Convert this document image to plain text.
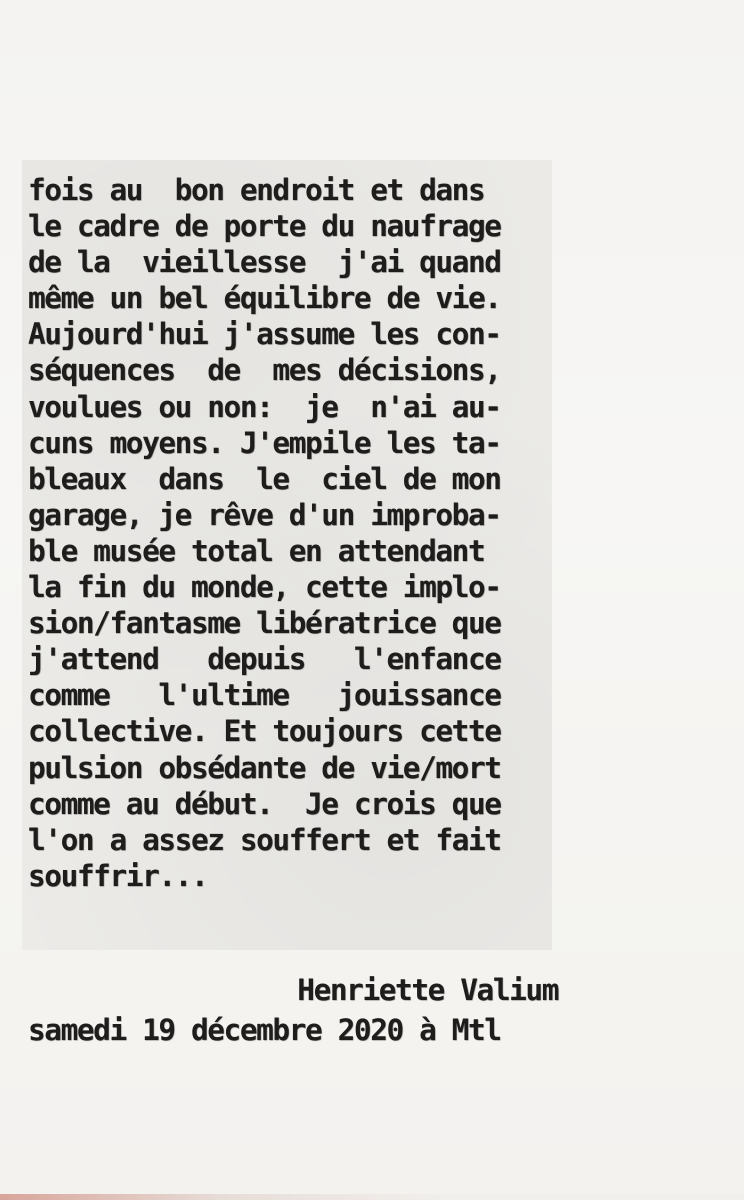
fois au  bon endroit et dans

le cadre de porte du naufrage

de la  vieillesse  j'ai quand

même un bel équilibre de vie.

Aujourd'hui j'assume les con-

séquences  de  mes décisions,

voulues ou non:  je  n'ai au-

cuns moyens. J'empile les ta-

bleaux  dans  le  ciel de mon

garage, je rêve d'un improba-

ble musée total en attendant

la fin du monde, cette implo-

sion/fantasme libératrice que

j'attend   depuis   l'enfance

comme   l'ultime   jouissance

collective. Et toujours cette

pulsion obsédante de vie/mort

comme au début.  Je crois que

l'on a assez souffert et fait

souffrir...

Henriette Valium

samedi 19 décembre 2020 à Mtl
